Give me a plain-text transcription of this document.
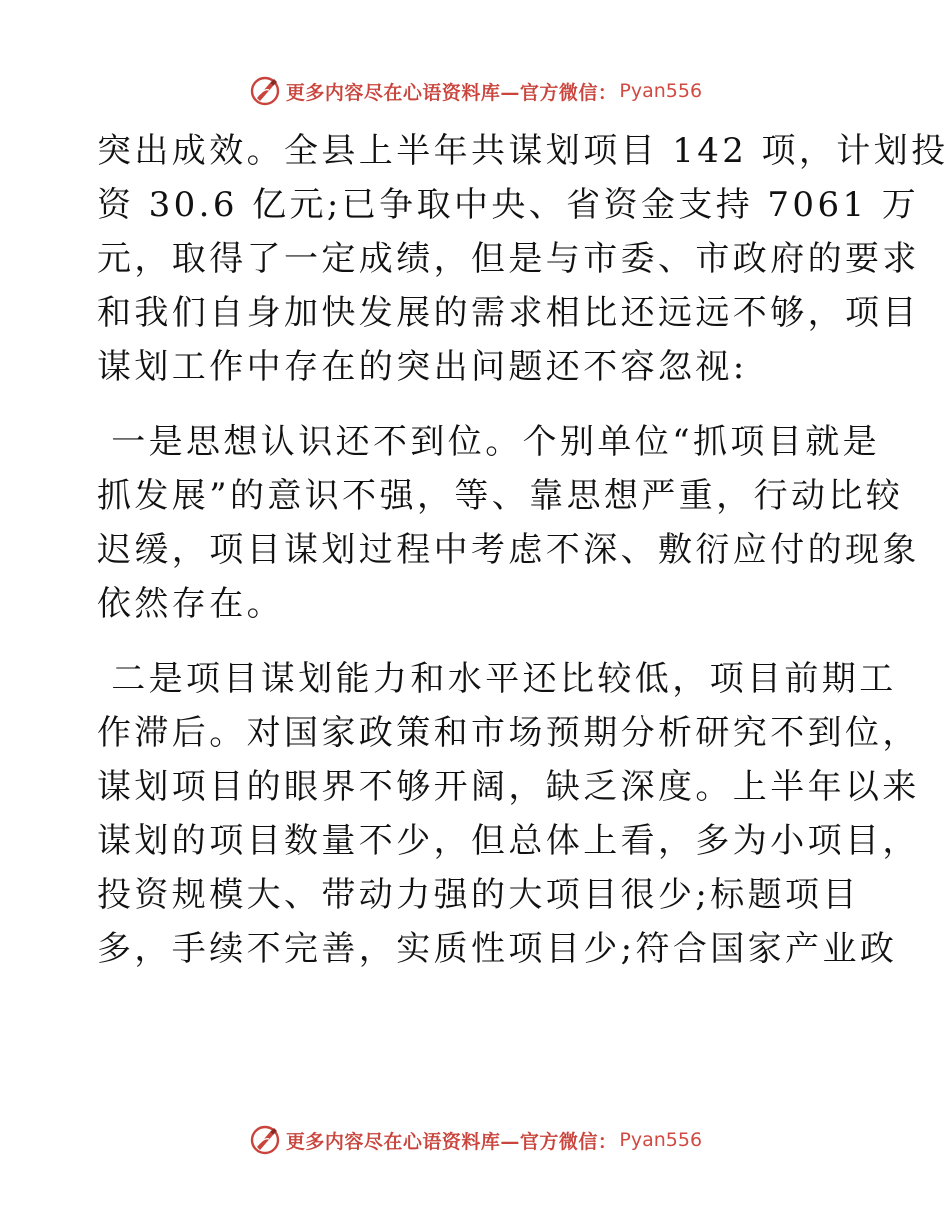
更多内容尽在心语资料库—官方微信： Pyan556
突出成效。全县上半年共谋划项目 142 项，计划投
资 30.6 亿元;已争取中央、省资金支持 7061 万
元，取得了一定成绩，但是与市委、市政府的要求
和我们自身加快发展的需求相比还远远不够，项目
谋划工作中存在的突出问题还不容忽视:
一是思想认识还不到位。个别单位“抓项目就是
抓发展”的意识不强，等、靠思想严重，行动比较
迟缓，项目谋划过程中考虑不深、敷衍应付的现象
依然存在。
二是项目谋划能力和水平还比较低，项目前期工
作滞后。对国家政策和市场预期分析研究不到位，
谋划项目的眼界不够开阔，缺乏深度。上半年以来
谋划的项目数量不少，但总体上看，多为小项目，
投资规模大、带动力强的大项目很少;标题项目
多，手续不完善，实质性项目少;符合国家产业政
更多内容尽在心语资料库—官方微信： Pyan556
